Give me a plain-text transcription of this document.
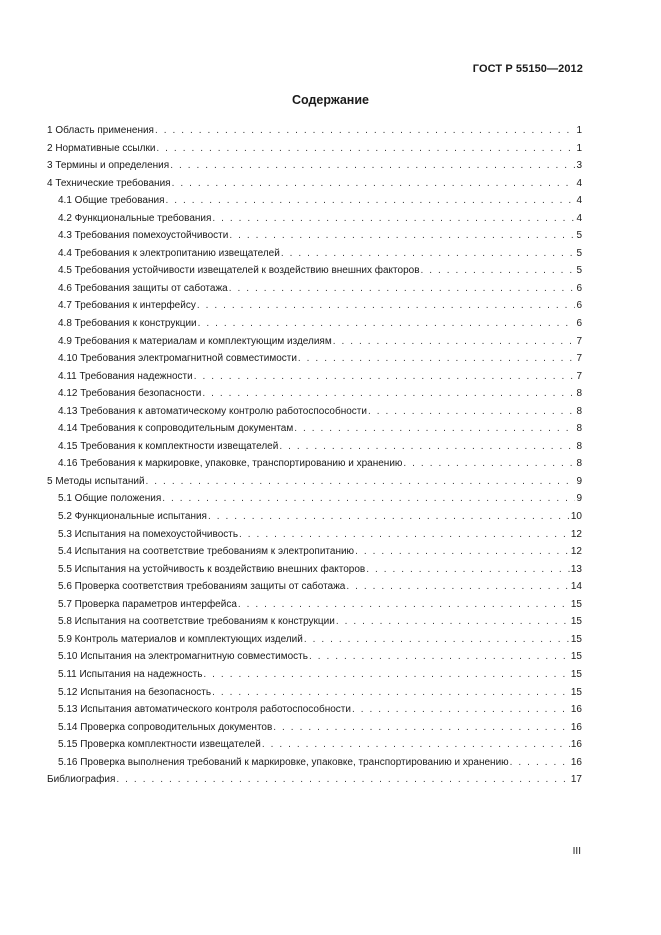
ГОСТ Р 55150—2012
Содержание
1 Область применения . . .	1
2 Нормативные ссылки . . .	1
3 Термины и определения . . .	3
4 Технические требования . . .	4
4.1 Общие требования . . .	4
4.2 Функциональные требования . . .	4
4.3 Требования помехоустойчивости . . .	5
4.4 Требования к электропитанию извещателей . . .	5
4.5 Требования устойчивости извещателей к воздействию внешних факторов . . .	5
4.6 Требования защиты от саботажа . . .	6
4.7 Требования к интерфейсу . . .	6
4.8 Требования к конструкции . . .	6
4.9 Требования к материалам и комплектующим изделиям . . .	7
4.10 Требования электромагнитной совместимости . . .	7
4.11 Требования надежности . . .	7
4.12 Требования безопасности . . .	8
4.13 Требования к автоматическому контролю работоспособности . . .	8
4.14 Требования к сопроводительным документам . . .	8
4.15 Требования к комплектности извещателей . . .	8
4.16 Требования к маркировке, упаковке, транспортированию и хранению . . .	8
5 Методы испытаний . . .	9
5.1 Общие положения . . .	9
5.2 Функциональные испытания . . .	10
5.3 Испытания на помехоустойчивость . . .	12
5.4 Испытания на соответствие требованиям к электропитанию . . .	12
5.5 Испытания на устойчивость к воздействию внешних факторов . . .	13
5.6 Проверка соответствия требованиям защиты от саботажа . . .	14
5.7 Проверка параметров интерфейса . . .	15
5.8 Испытания на соответствие требованиям к конструкции . . .	15
5.9 Контроль материалов и комплектующих изделий . . .	15
5.10 Испытания на электромагнитную совместимость . . .	15
5.11 Испытания на надежность . . .	15
5.12 Испытания на безопасность . . .	15
5.13 Испытания автоматического контроля работоспособности . . .	16
5.14 Проверка сопроводительных документов . . .	16
5.15 Проверка комплектности извещателей . . .	16
5.16 Проверка выполнения требований к маркировке, упаковке, транспортированию и хранению . . .	16
Библиография . . .	17
III
